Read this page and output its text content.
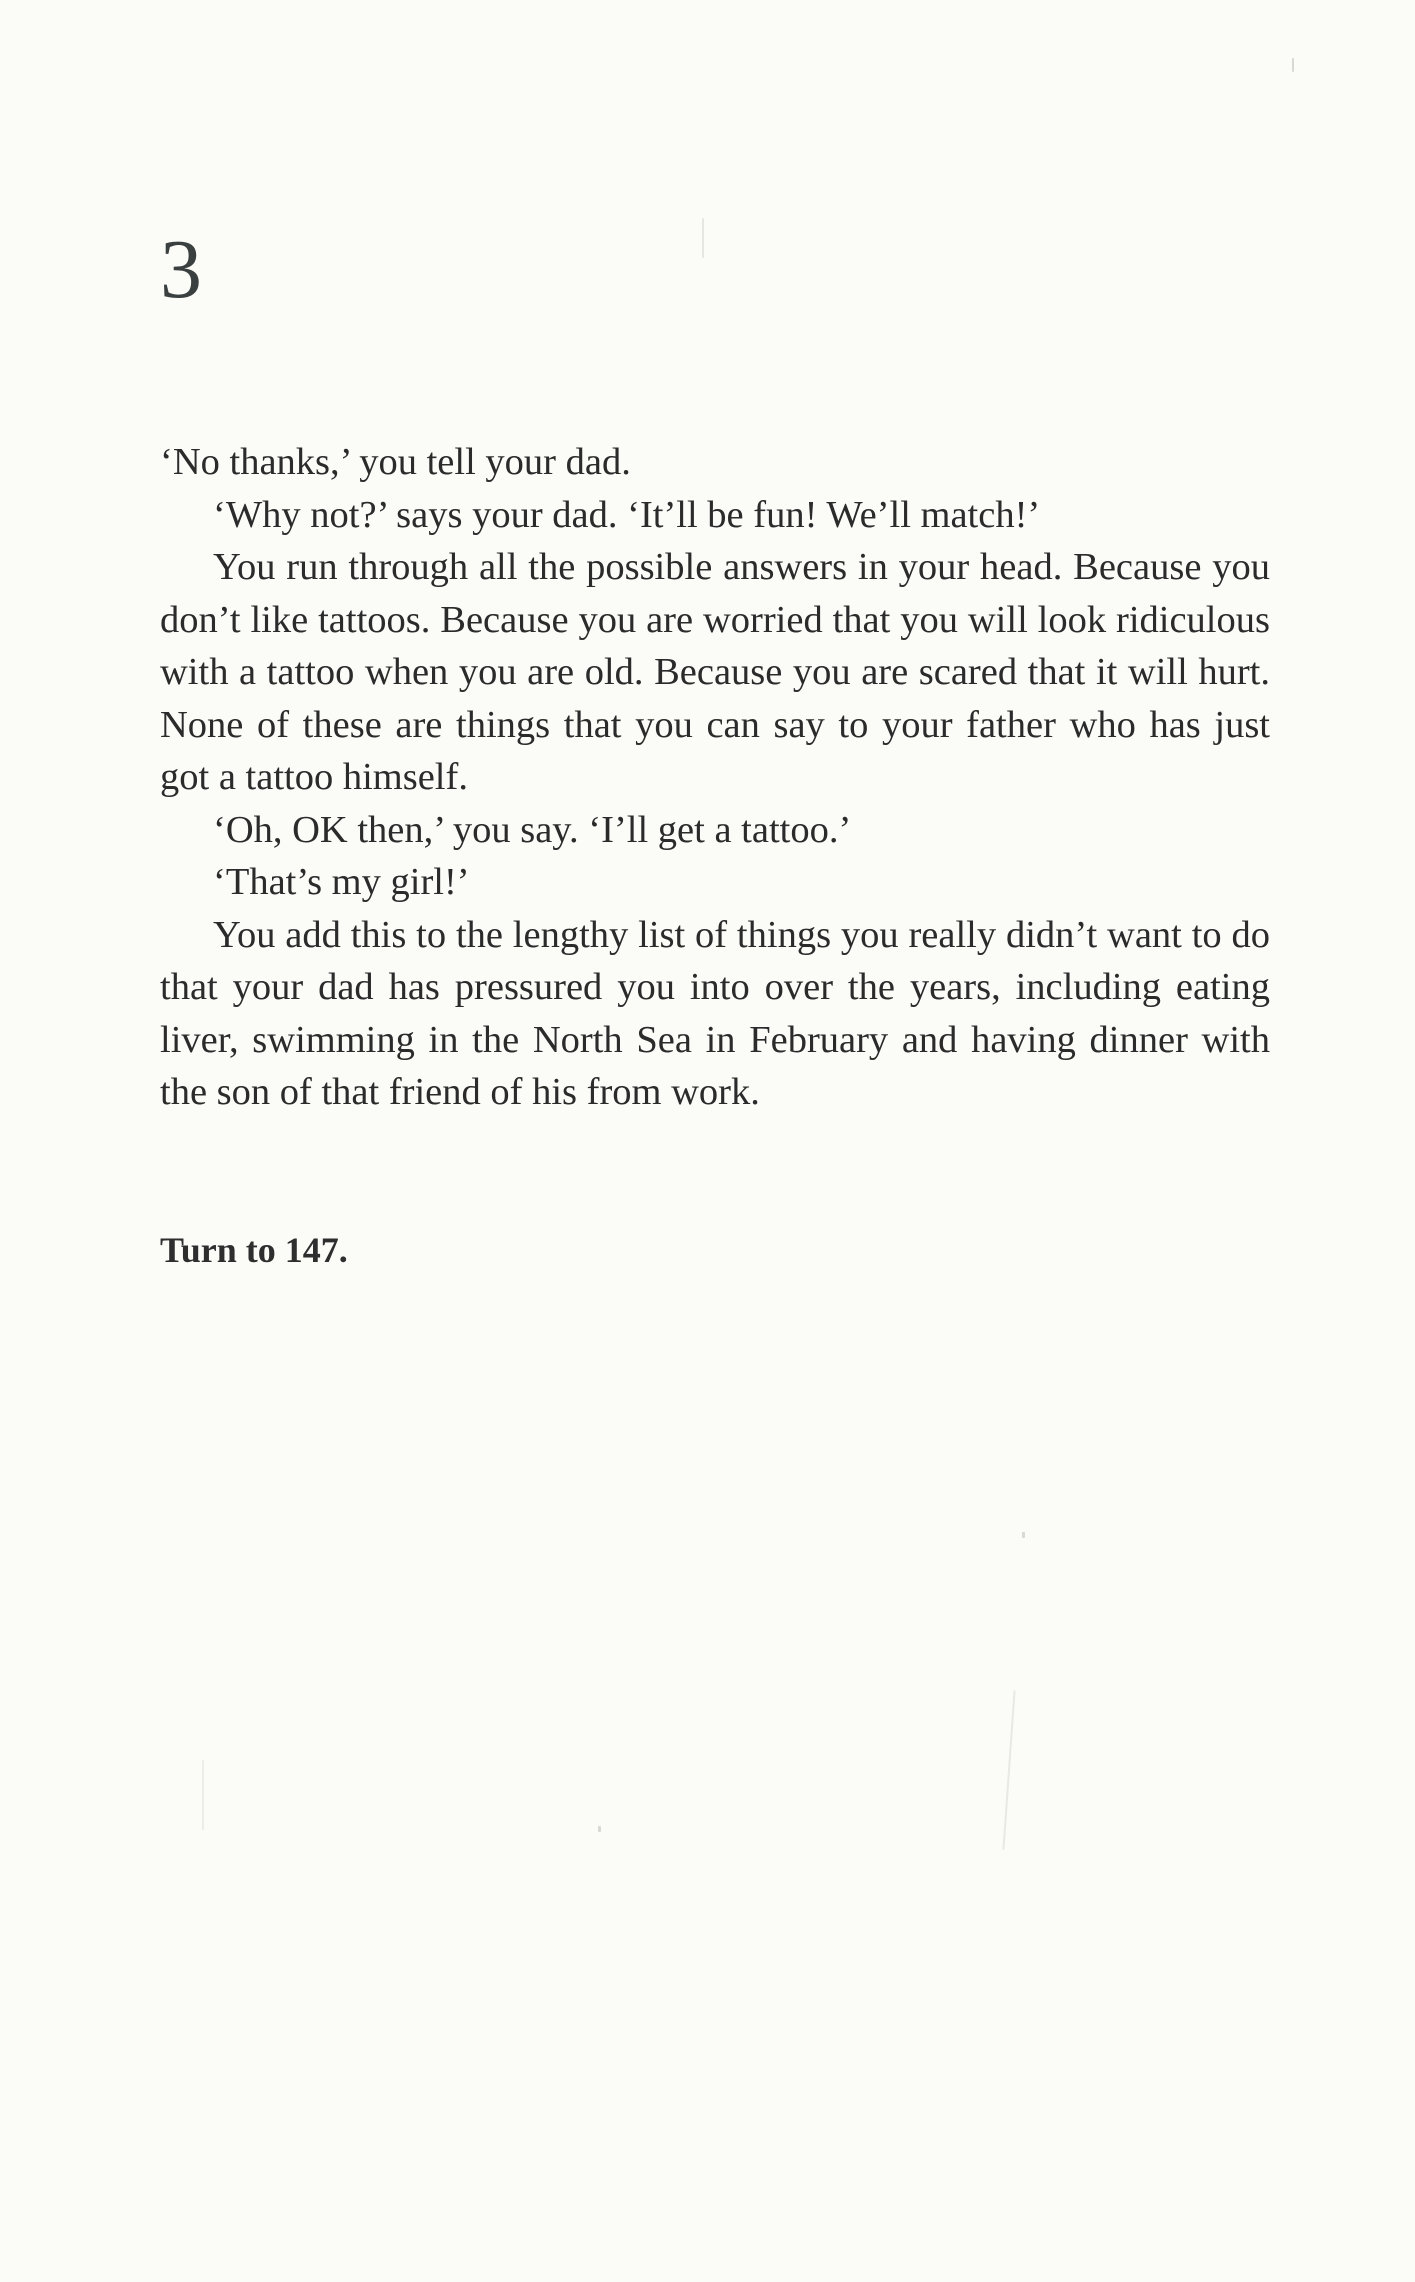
3

‘No thanks,’ you tell your dad.

‘Why not?’ says your dad. ‘It’ll be fun! We’ll match!’

You run through all the possible answers in your head. Because you don’t like tattoos. Because you are worried that you will look ridiculous with a tattoo when you are old. Because you are scared that it will hurt. None of these are things that you can say to your father who has just got a tattoo himself.

‘Oh, OK then,’ you say. ‘I’ll get a tattoo.’

‘That’s my girl!’

You add this to the lengthy list of things you really didn’t want to do that your dad has pressured you into over the years, including eating liver, swimming in the North Sea in February and having dinner with the son of that friend of his from work.

Turn to 147.
